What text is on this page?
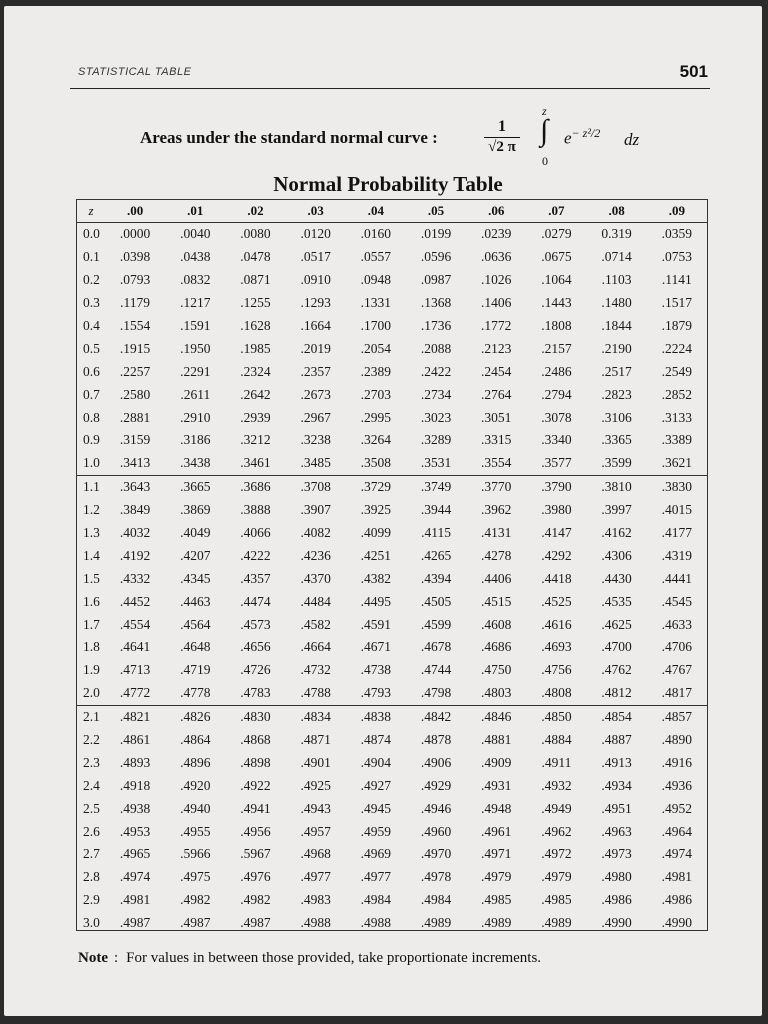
STATISTICAL TABLE	501
Areas under the standard normal curve :	$\frac{1}{√2 \pi}$
z
∫
0
$e^{- z^2/2}$ dz
Normal Probability Table
z	.00	.01	.02	.03	.04	.05	.06	.07	.08	.09
0.0	.0000	.0040	.0080	.0120	.0160	.0199	.0239	.0279	0.319	.0359
0.1	.0398	.0438	.0478	.0517	.0557	.0596	.0636	.0675	.0714	.0753
0.2	.0793	.0832	.0871	.0910	.0948	.0987	.1026	.1064	.1103	.1141
0.3	.1179	.1217	.1255	.1293	.1331	.1368	.1406	.1443	.1480	.1517
0.4	.1554	.1591	.1628	.1664	.1700	.1736	.1772	.1808	.1844	.1879
0.5	.1915	.1950	.1985	.2019	.2054	.2088	.2123	.2157	.2190	.2224
0.6	.2257	.2291	.2324	.2357	.2389	.2422	.2454	.2486	.2517	.2549
0.7	.2580	.2611	.2642	.2673	.2703	.2734	.2764	.2794	.2823	.2852
0.8	.2881	.2910	.2939	.2967	.2995	.3023	.3051	.3078	.3106	.3133
0.9	.3159	.3186	.3212	.3238	.3264	.3289	.3315	.3340	.3365	.3389
1.0	.3413	.3438	.3461	.3485	.3508	.3531	.3554	.3577	.3599	.3621
1.1	.3643	.3665	.3686	.3708	.3729	.3749	.3770	.3790	.3810	.3830
1.2	.3849	.3869	.3888	.3907	.3925	.3944	.3962	.3980	.3997	.4015
1.3	.4032	.4049	.4066	.4082	.4099	.4115	.4131	.4147	.4162	.4177
1.4	.4192	.4207	.4222	.4236	.4251	.4265	.4278	.4292	.4306	.4319
1.5	.4332	.4345	.4357	.4370	.4382	.4394	.4406	.4418	.4430	.4441
1.6	.4452	.4463	.4474	.4484	.4495	.4505	.4515	.4525	.4535	.4545
1.7	.4554	.4564	.4573	.4582	.4591	.4599	.4608	.4616	.4625	.4633
1.8	.4641	.4648	.4656	.4664	.4671	.4678	.4686	.4693	.4700	.4706
1.9	.4713	.4719	.4726	.4732	.4738	.4744	.4750	.4756	.4762	.4767
2.0	.4772	.4778	.4783	.4788	.4793	.4798	.4803	.4808	.4812	.4817
2.1	.4821	.4826	.4830	.4834	.4838	.4842	.4846	.4850	.4854	.4857
2.2	.4861	.4864	.4868	.4871	.4874	.4878	.4881	.4884	.4887	.4890
2.3	.4893	.4896	.4898	.4901	.4904	.4906	.4909	.4911	.4913	.4916
2.4	.4918	.4920	.4922	.4925	.4927	.4929	.4931	.4932	.4934	.4936
2.5	.4938	.4940	.4941	.4943	.4945	.4946	.4948	.4949	.4951	.4952
2.6	.4953	.4955	.4956	.4957	.4959	.4960	.4961	.4962	.4963	.4964
2.7	.4965	.5966	.5967	.4968	.4969	.4970	.4971	.4972	.4973	.4974
2.8	.4974	.4975	.4976	.4977	.4977	.4978	.4979	.4979	.4980	.4981
2.9	.4981	.4982	.4982	.4983	.4984	.4984	.4985	.4985	.4986	.4986
3.0	.4987	.4987	.4987	.4988	.4988	.4989	.4989	.4989	.4990	.4990
Note : For values in between those provided, take proportionate increments.
